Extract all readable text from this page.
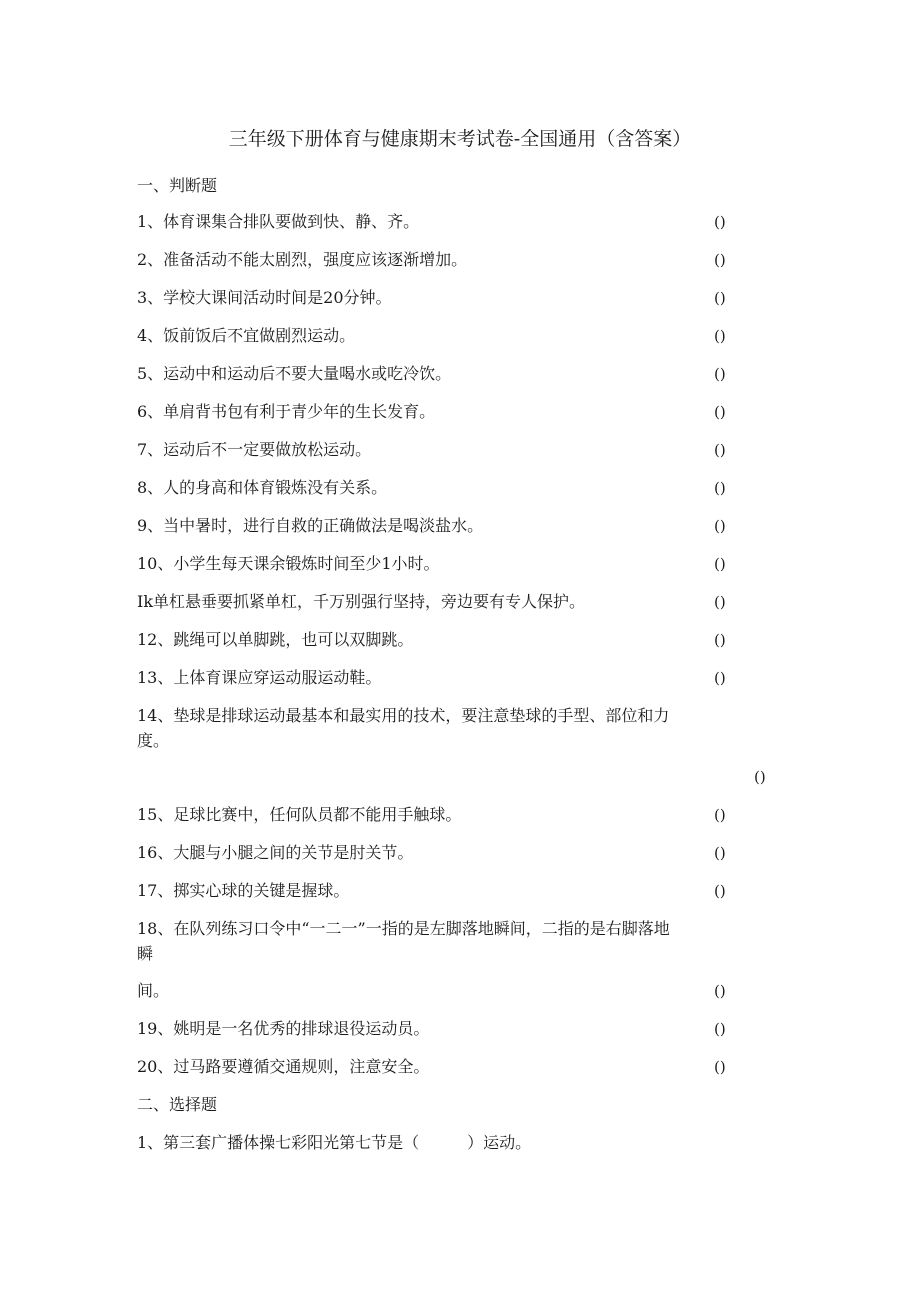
三年级下册体育与健康期末考试卷-全国通用（含答案）
一、判断题
1、体育课集合排队要做到快、静、齐。	()
2、准备活动不能太剧烈，强度应该逐渐增加。	()
3、学校大课间活动时间是20分钟。	()
4、饭前饭后不宜做剧烈运动。	()
5、运动中和运动后不要大量喝水或吃冷饮。	()
6、单肩背书包有利于青少年的生长发育。	()
7、运动后不一定要做放松运动。	()
8、人的身高和体育锻炼没有关系。	()
9、当中暑时，进行自救的正确做法是喝淡盐水。	()
10、小学生每天课余锻炼时间至少1小时。	()
Ik单杠悬垂要抓紧单杠，千万别强行坚持，旁边要有专人保护。	()
12、跳绳可以单脚跳，也可以双脚跳。	()
13、上体育课应穿运动服运动鞋。	()
14、垫球是排球运动最基本和最实用的技术，要注意垫球的手型、部位和力
度。
()
15、足球比赛中，任何队员都不能用手触球。	()
16、大腿与小腿之间的关节是肘关节。	()
17、掷实心球的关键是握球。	()
18、在队列练习口令中“一二一”一指的是左脚落地瞬间，二指的是右脚落地
瞬
间。	()
19、姚明是一名优秀的排球退役运动员。	()
20、过马路要遵循交通规则，注意安全。	()
二、选择题
1、第三套广播体操七彩阳光第七节是（　　　）运动。
